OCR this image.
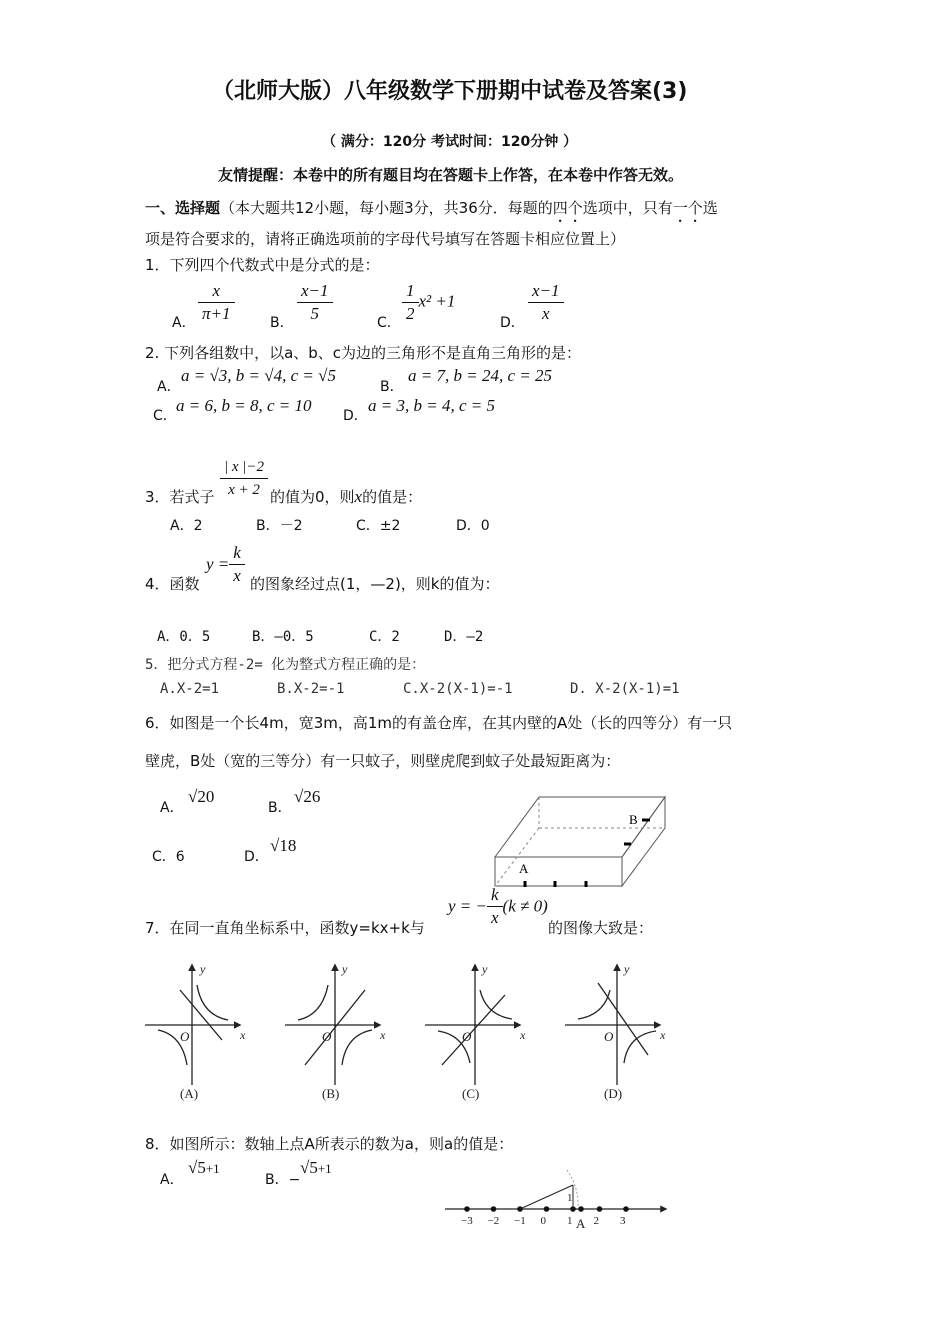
（北师大版）八年级数学下册期中试卷及答案(3)
（ 满分：120分 考试时间：120分钟 ）
友情提醒：本卷中的所有题目均在答题卡上作答，在本卷中作答无效。
一、选择题（本大题共12小题，每小题3分，共36分．每题的四个选项中，只有一个选
项是符合要求的，请将正确选项前的字母代号填写在答题卡相应位置上）
1．下列四个代数式中是分式的是：
A． $\frac{x}{\pi+1}$	B． $\frac{x-1}{5}$	C． $\frac{1}{2} x^2 +1$
D． $\frac{x-1}{x}$
2. 下列各组数中，以a、b、c为边的三角形不是直角三角形的是：
A．
a = √3, b = √4, c = √5
B．
a = 7, b = 24, c = 25
C．
a = 6, b = 8, c = 10
D．
a = 3, b = 4, c = 5
3．若式子 $\frac{| x |-2}{x + 2}$ 的值为0，则x的值是：
A．2	B．－2	C．±2	D．0
4．函数
$y = \frac{k}{x}$ 的图象经过点(1，—2)，则k的值为：
A．0．5	B．—0．5	C．2	D．—2
5．把分式方程-2= 化为整式方程正确的是：
A.X-2=1	B.X-2=-1	C.X-2(X-1)=-1	D. X-2(X-1)=1
6．如图是一个长4m，宽3m，高1m的有盖仓库，在其内壁的A处（长的四等分）有一只
壁虎，B处（宽的三等分）有一只蚊子，则壁虎爬到蚊子处最短距离为：
A．
√20
B．
√26
C．6	D．
√18
A
B
7．在同一直角坐标系中，函数y=kx+k与
y = − $\frac{k}{x} (k \ne 0)$
的图像大致是：
y
x
O
(A)
y
x
O
(B)
y
x
O
(C)
y
x
O
(D)
8．如图所示：数轴上点A所表示的数为a，则a的值是：
A．
√5+1
B．−
√5+1
−3 −2 −1 0 1 2 3
1
A
